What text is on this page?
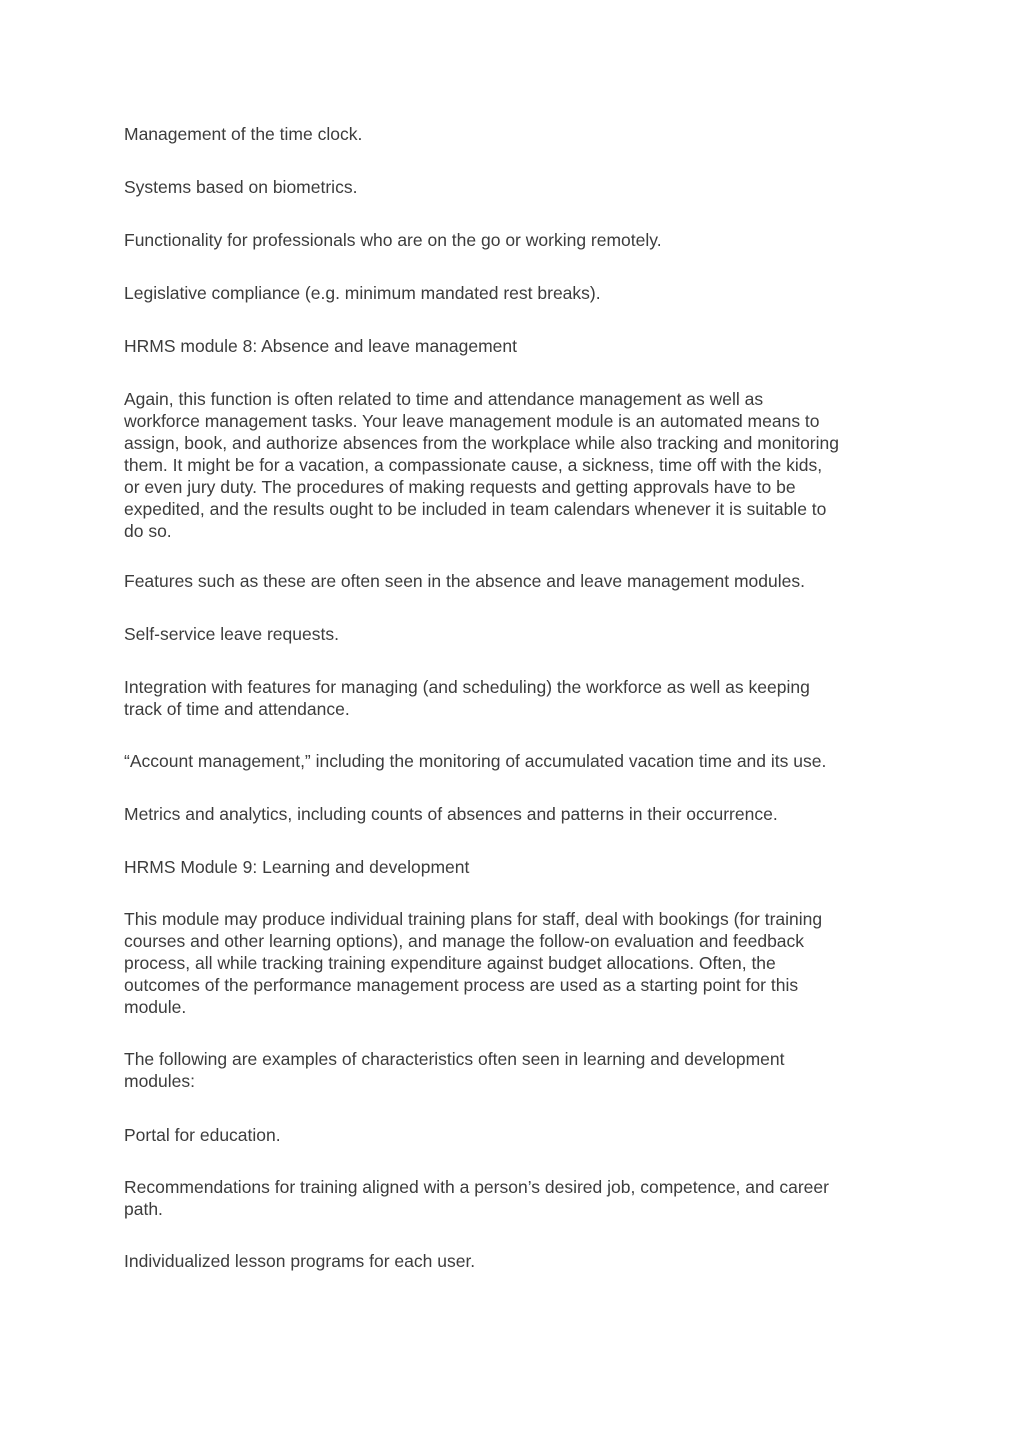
Management of the time clock.

Systems based on biometrics.

Functionality for professionals who are on the go or working remotely.

Legislative compliance (e.g. minimum mandated rest breaks).

HRMS module 8: Absence and leave management

Again, this function is often related to time and attendance management as well as
workforce management tasks. Your leave management module is an automated means to
assign, book, and authorize absences from the workplace while also tracking and monitoring
them. It might be for a vacation, a compassionate cause, a sickness, time off with the kids,
or even jury duty. The procedures of making requests and getting approvals have to be
expedited, and the results ought to be included in team calendars whenever it is suitable to
do so.

Features such as these are often seen in the absence and leave management modules.

Self-service leave requests.

Integration with features for managing (and scheduling) the workforce as well as keeping
track of time and attendance.

“Account management,” including the monitoring of accumulated vacation time and its use.

Metrics and analytics, including counts of absences and patterns in their occurrence.

HRMS Module 9: Learning and development

This module may produce individual training plans for staff, deal with bookings (for training
courses and other learning options), and manage the follow-on evaluation and feedback
process, all while tracking training expenditure against budget allocations. Often, the
outcomes of the performance management process are used as a starting point for this
module.

The following are examples of characteristics often seen in learning and development
modules:

Portal for education.

Recommendations for training aligned with a person’s desired job, competence, and career
path.

Individualized lesson programs for each user.
